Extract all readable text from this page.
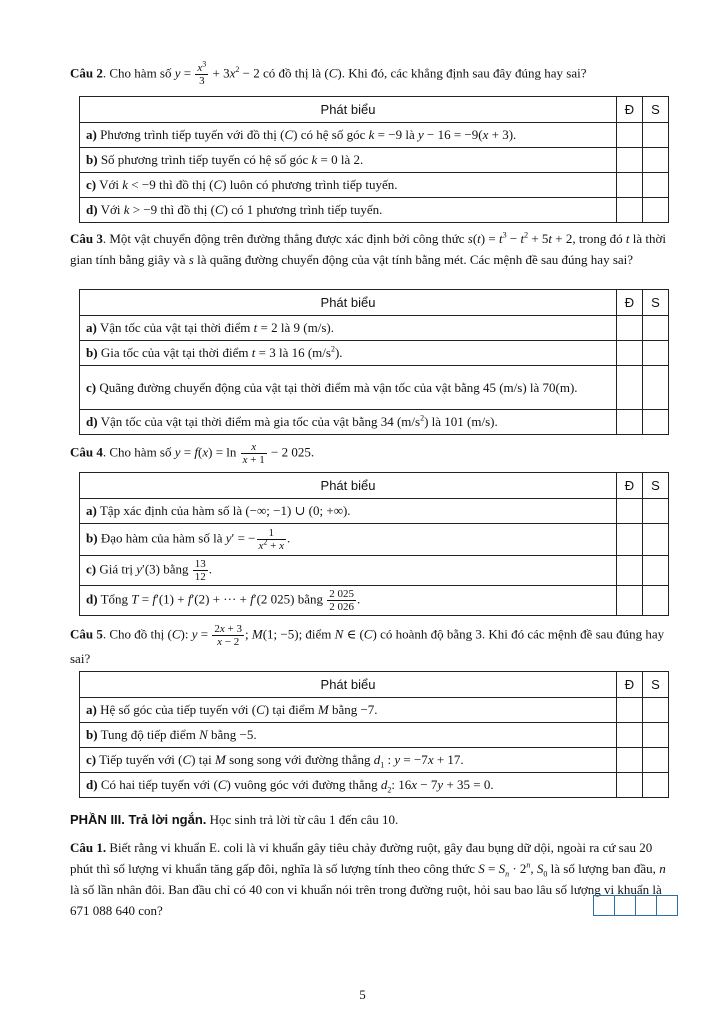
Câu 2. Cho hàm số $y = \frac{x^3}{3} + 3x^2 - 2$ có đồ thị là (C). Khi đó, các khẳng định sau đây đúng hay sai?
Phát biểu	Đ	S
a) Phương trình tiếp tuyến với đồ thị (C) có hệ số góc k = −9 là y − 16 = −9(x + 3).		
b) Số phương trình tiếp tuyến có hệ số góc k = 0 là 2.		
c) Với k < −9 thì đồ thị (C) luôn có phương trình tiếp tuyến.		
d) Với k > −9 thì đồ thị (C) có 1 phương trình tiếp tuyến.		
Câu 3. Một vật chuyển động trên đường thẳng được xác định bởi công thức $s(t) = t^3 - t^2 + 5t + 2$, trong đó t là thời gian tính bằng giây và s là quãng đường chuyển động của vật tính bằng mét. Các mệnh đề sau đúng hay sai?
Phát biểu	Đ	S
a) Vận tốc của vật tại thời điểm t = 2 là 9 (m/s).		
b) Gia tốc của vật tại thời điểm t = 3 là 16 $(m/s^2)$.		
c) Quãng đường chuyển động của vật tại thời điểm mà vận tốc của vật bằng 45 (m/s) là 70(m).		
d) Vận tốc của vật tại thời điểm mà gia tốc của vật bằng 34 $(m/s^2)$ là 101 (m/s).		
Câu 4. Cho hàm số $y = f(x) = \ln \frac{x}{x + 1} - 2$ 025.
Phát biểu	Đ	S
a) Tập xác định của hàm số là (−∞; −1) ∪ (0; +∞).		
b) Đạo hàm của hàm số là y′ = − $\frac{1}{x^2 + x}$ .		
c) Giá trị y′(3) bằng $\frac{13}{12}$ .		
d) Tổng T = f′(1) + f′(2) + ··· + f′(2 025) bằng $\frac{2 025}{2 026}$ .		
Câu 5. Cho đồ thị (C): $y = \frac{2x + 3}{x - 2}$ ; M(1; −5); điểm N ∈ (C) có hoành độ bằng 3. Khi đó các mệnh đề sau đúng hay sai?
Phát biểu	Đ	S
a) Hệ số góc của tiếp tuyến với (C) tại điểm M bằng −7.		
b) Tung độ tiếp điểm N bằng −5.		
c) Tiếp tuyến với (C) tại M song song với đường thẳng $d_1$ : y = −7x + 17.		
d) Có hai tiếp tuyến với (C) vuông góc với đường thẳng $d_2$: 16x − 7y + 35 = 0.		
PHẦN III. Trả lời ngắn. Học sinh trả lời từ câu 1 đến câu 10.
Câu 1. Biết rằng vi khuẩn E. coli là vi khuẩn gây tiêu chảy đường ruột, gây đau bụng dữ dội, ngoài ra cứ sau 20 phút thì số lượng vi khuẩn tăng gấp đôi, nghĩa là số lượng tính theo công thức $S = S_n \cdot 2^n$, $S_0$ là số lượng ban đầu, n là số lần nhân đôi. Ban đầu chỉ có 40 con vi khuẩn nói trên trong đường ruột, hỏi sau bao lâu số lượng vi khuẩn là 671 088 640 con?
5
